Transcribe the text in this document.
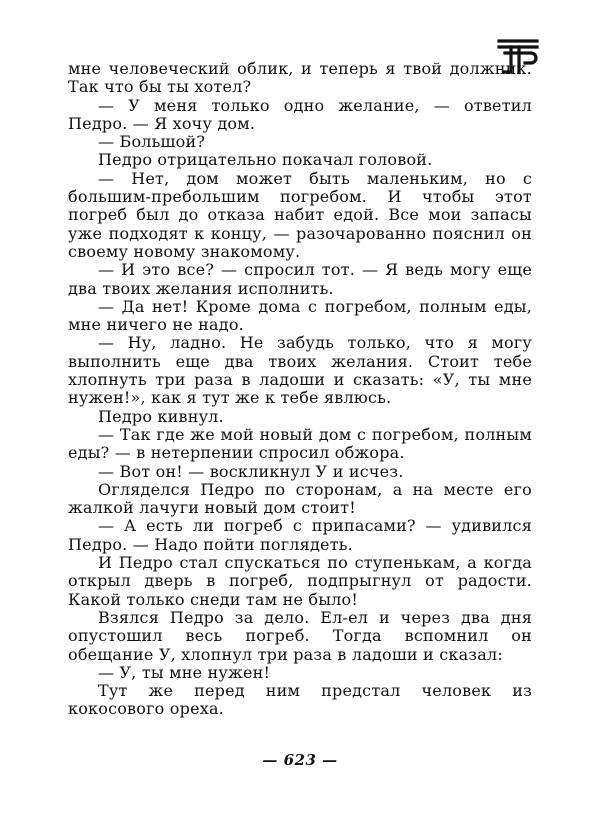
мне человеческий облик, и теперь я твой должник. Так что бы ты хотел?

— У меня только одно желание, — ответил Педро. — Я хочу дом.

— Большой?

Педро отрицательно покачал головой.

— Нет, дом может быть маленьким, но с большим-пребольшим погребом. И чтобы этот погреб был до отказа набит едой. Все мои запасы уже подходят к концу, — разочарованно пояснил он своему новому знакомому.

— И это все? — спросил тот. — Я ведь могу еще два твоих желания исполнить.

— Да нет! Кроме дома с погребом, полным еды, мне ничего не надо.

— Ну, ладно. Не забудь только, что я могу выполнить еще два твоих желания. Стоит тебе хлопнуть три раза в ладоши и сказать: «У, ты мне нужен!», как я тут же к тебе явлюсь.

Педро кивнул.

— Так где же мой новый дом с погребом, полным еды? — в нетерпении спросил обжора.

— Вот он! — воскликнул У и исчез.

Огляделся Педро по сторонам, а на месте его жалкой лачуги новый дом стоит!

— А есть ли погреб с припасами? — удивился Педро. — Надо пойти поглядеть.

И Педро стал спускаться по ступенькам, а когда открыл дверь в погреб, подпрыгнул от радости. Какой только снеди там не было!

Взялся Педро за дело. Ел-ел и через два дня опустошил весь погреб. Тогда вспомнил он обещание У, хлопнул три раза в ладоши и сказал:

— У, ты мне нужен!

Тут же перед ним предстал человек из кокосового ореха.

— 623 —
